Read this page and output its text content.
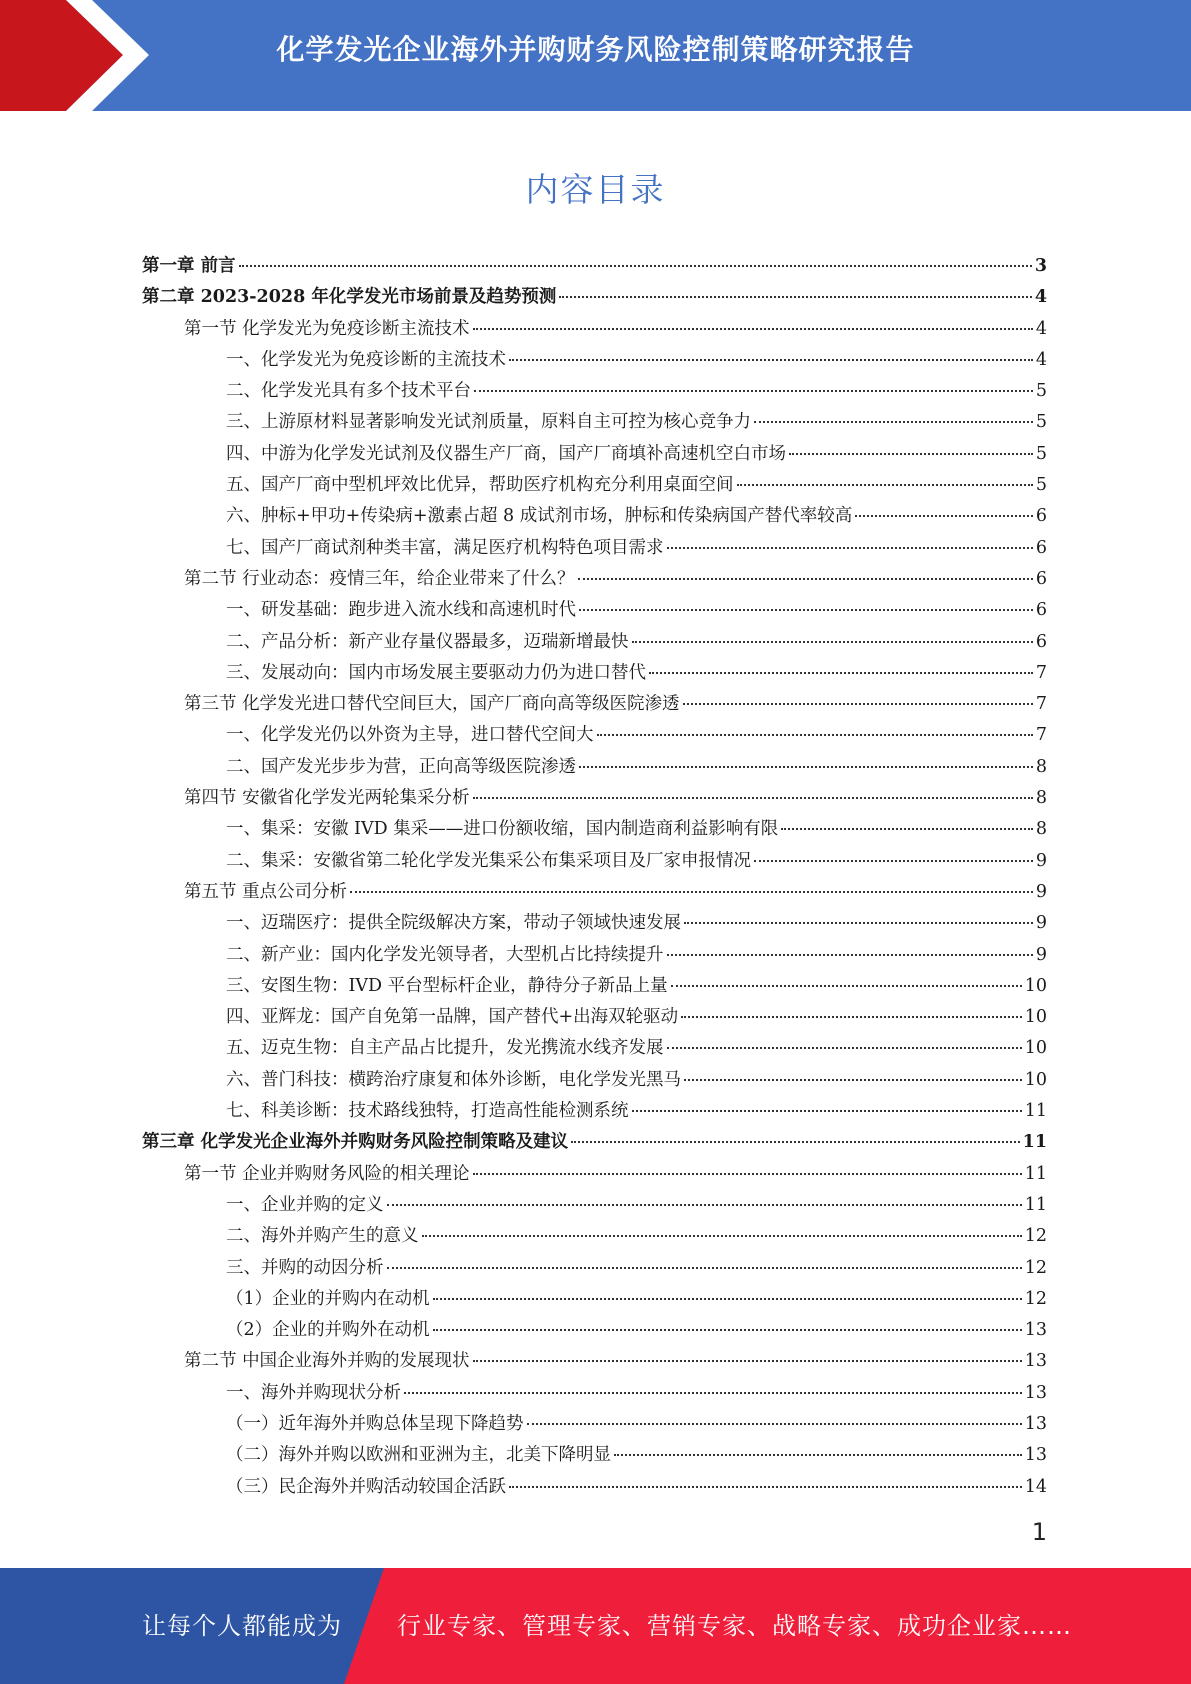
化学发光企业海外并购财务风险控制策略研究报告
内容目录
第一章 前言	3
第二章 2023-2028 年化学发光市场前景及趋势预测	4
第一节 化学发光为免疫诊断主流技术	4
一、化学发光为免疫诊断的主流技术	4
二、化学发光具有多个技术平台	5
三、上游原材料显著影响发光试剂质量，原料自主可控为核心竞争力	5
四、中游为化学发光试剂及仪器生产厂商，国产厂商填补高速机空白市场	5
五、国产厂商中型机坪效比优异，帮助医疗机构充分利用桌面空间	5
六、肿标+甲功+传染病+激素占超 8 成试剂市场，肿标和传染病国产替代率较高	6
七、国产厂商试剂种类丰富，满足医疗机构特色项目需求	6
第二节 行业动态：疫情三年，给企业带来了什么？	6
一、研发基础：跑步进入流水线和高速机时代	6
二、产品分析：新产业存量仪器最多，迈瑞新增最快	6
三、发展动向：国内市场发展主要驱动力仍为进口替代	7
第三节 化学发光进口替代空间巨大，国产厂商向高等级医院渗透	7
一、化学发光仍以外资为主导，进口替代空间大	7
二、国产发光步步为营，正向高等级医院渗透	8
第四节 安徽省化学发光两轮集采分析	8
一、集采：安徽 IVD 集采——进口份额收缩，国内制造商利益影响有限	8
二、集采：安徽省第二轮化学发光集采公布集采项目及厂家申报情况	9
第五节 重点公司分析	9
一、迈瑞医疗：提供全院级解决方案，带动子领域快速发展	9
二、新产业：国内化学发光领导者，大型机占比持续提升	9
三、安图生物：IVD 平台型标杆企业，静待分子新品上量	10
四、亚辉龙：国产自免第一品牌，国产替代+出海双轮驱动	10
五、迈克生物：自主产品占比提升，发光携流水线齐发展	10
六、普门科技：横跨治疗康复和体外诊断，电化学发光黑马	10
七、科美诊断：技术路线独特，打造高性能检测系统	11
第三章 化学发光企业海外并购财务风险控制策略及建议	11
第一节 企业并购财务风险的相关理论	11
一、企业并购的定义	11
二、海外并购产生的意义	12
三、并购的动因分析	12
（1）企业的并购内在动机	12
（2）企业的并购外在动机	13
第二节 中国企业海外并购的发展现状	13
一、海外并购现状分析	13
（一）近年海外并购总体呈现下降趋势	13
（二）海外并购以欧洲和亚洲为主，北美下降明显	13
（三）民企海外并购活动较国企活跃	14
1
让每个人都能成为 行业专家、管理专家、营销专家、战略专家、成功企业家……
